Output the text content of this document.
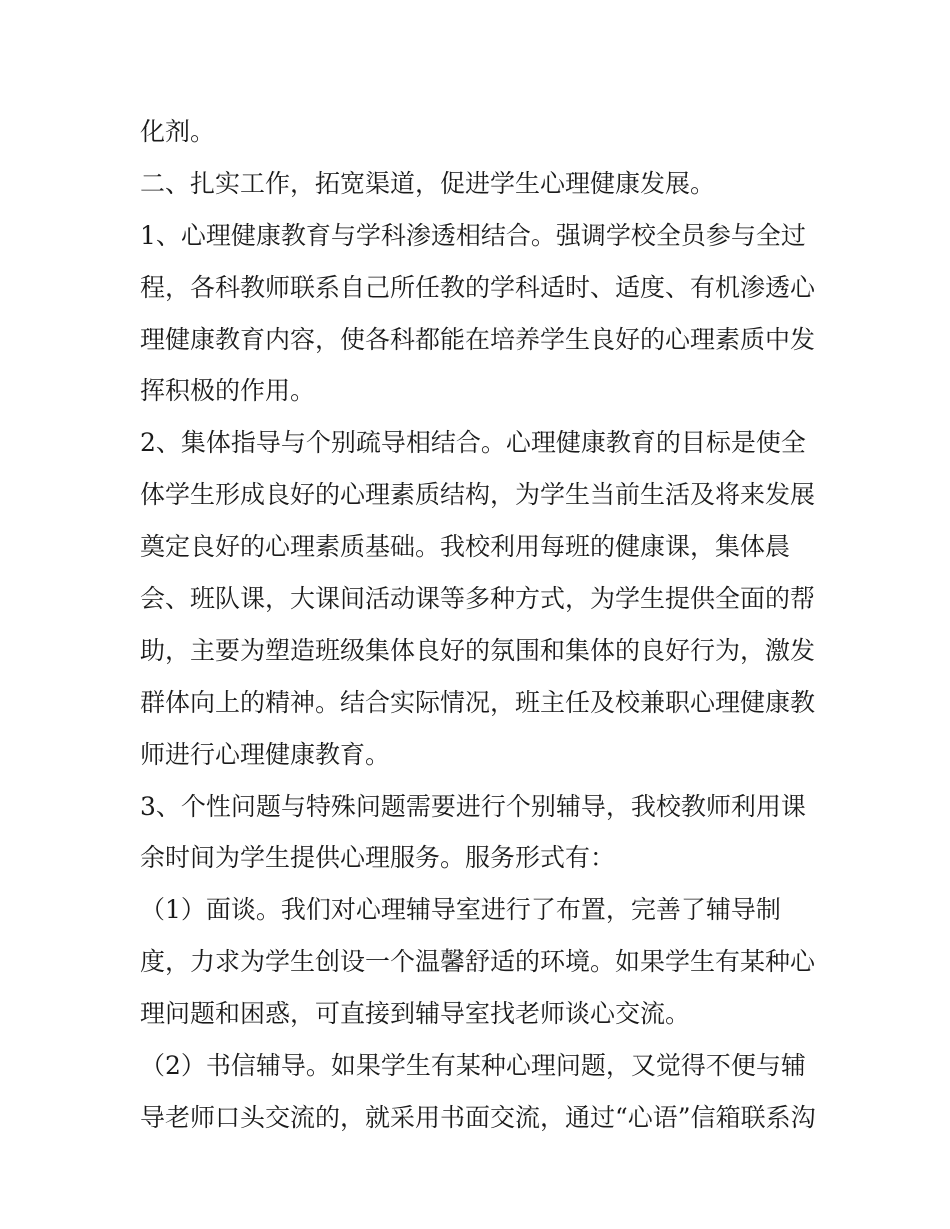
化剂。
二、扎实工作，拓宽渠道，促进学生心理健康发展。
1、心理健康教育与学科渗透相结合。强调学校全员参与全过
程，各科教师联系自己所任教的学科适时、适度、有机渗透心
理健康教育内容，使各科都能在培养学生良好的心理素质中发
挥积极的作用。
2、集体指导与个别疏导相结合。心理健康教育的目标是使全
体学生形成良好的心理素质结构，为学生当前生活及将来发展
奠定良好的心理素质基础。我校利用每班的健康课，集体晨
会、班队课，大课间活动课等多种方式，为学生提供全面的帮
助，主要为塑造班级集体良好的氛围和集体的良好行为，激发
群体向上的精神。结合实际情况，班主任及校兼职心理健康教
师进行心理健康教育。
3、个性问题与特殊问题需要进行个别辅导，我校教师利用课
余时间为学生提供心理服务。服务形式有：
（1）面谈。我们对心理辅导室进行了布置，完善了辅导制
度，力求为学生创设一个温馨舒适的环境。如果学生有某种心
理问题和困惑，可直接到辅导室找老师谈心交流。
（2）书信辅导。如果学生有某种心理问题，又觉得不便与辅
导老师口头交流的，就采用书面交流，通过“心语”信箱联系沟
